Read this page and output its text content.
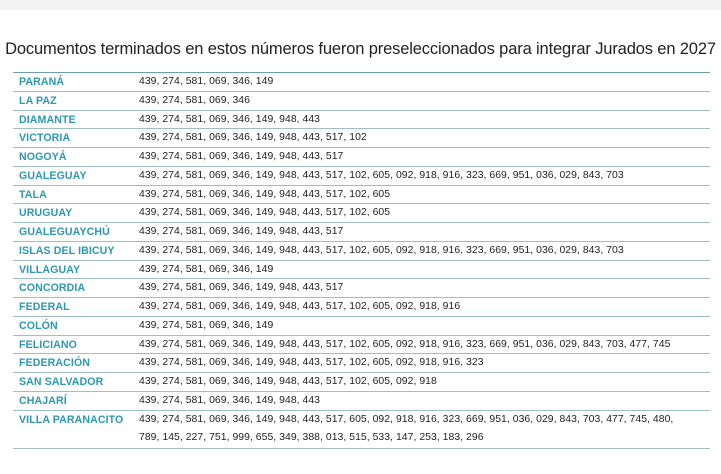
Documentos terminados en estos números fueron preseleccionados para integrar Jurados en 2027
PARANÁ	439, 274, 581, 069, 346, 149
LA PAZ	439, 274, 581, 069, 346
DIAMANTE	439, 274, 581, 069, 346, 149, 948, 443
VICTORIA	439, 274, 581, 069, 346, 149, 948, 443, 517, 102
NOGOYÁ	439, 274, 581, 069, 346, 149, 948, 443, 517
GUALEGUAY	439, 274, 581, 069, 346, 149, 948, 443, 517, 102, 605, 092, 918, 916, 323, 669, 951, 036, 029, 843, 703
TALA	439, 274, 581, 069, 346, 149, 948, 443, 517, 102, 605
URUGUAY	439, 274, 581, 069, 346, 149, 948, 443, 517, 102, 605
GUALEGUAYCHÚ	439, 274, 581, 069, 346, 149, 948, 443, 517
ISLAS DEL IBICUY	439, 274, 581, 069, 346, 149, 948, 443, 517, 102, 605, 092, 918, 916, 323, 669, 951, 036, 029, 843, 703
VILLAGUAY	439, 274, 581, 069, 346, 149
CONCORDIA	439, 274, 581, 069, 346, 149, 948, 443, 517
FEDERAL	439, 274, 581, 069, 346, 149, 948, 443, 517, 102, 605, 092, 918, 916
COLÓN	439, 274, 581, 069, 346, 149
FELICIANO	439, 274, 581, 069, 346, 149, 948, 443, 517, 102, 605, 092, 918, 916, 323, 669, 951, 036, 029, 843, 703, 477, 745
FEDERACIÓN	439, 274, 581, 069, 346, 149, 948, 443, 517, 102, 605, 092, 918, 916, 323
SAN SALVADOR	439, 274, 581, 069, 346, 149, 948, 443, 517, 102, 605, 092, 918
CHAJARÍ	439, 274, 581, 069, 346, 149, 948, 443
VILLA PARANACITO	439, 274, 581, 069, 346, 149, 948, 443, 517, 605, 092, 918, 916, 323, 669, 951, 036, 029, 843, 703, 477, 745, 480,
789, 145, 227, 751, 999, 655, 349, 388, 013, 515, 533, 147, 253, 183, 296
